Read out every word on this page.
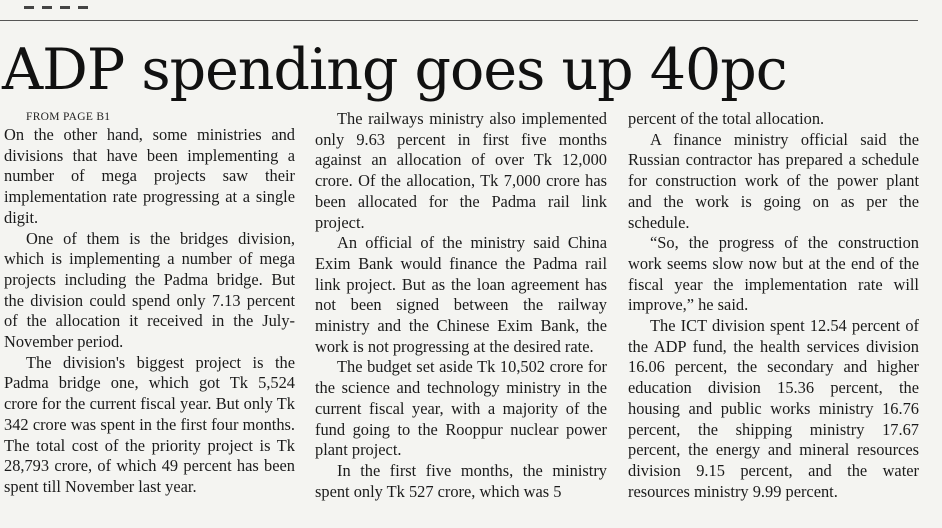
ADP spending goes up 40pc

FROM PAGE B1

On the other hand, some ministries and divisions that have been implementing a number of mega projects saw their implementation rate progressing at a single digit.

One of them is the bridges division, which is implementing a number of mega projects including the Padma bridge. But the division could spend only 7.13 percent of the allocation it received in the July-November period.

The division's biggest project is the Padma bridge one, which got Tk 5,524 crore for the current fiscal year. But only Tk 342 crore was spent in the first four months. The total cost of the priority project is Tk 28,793 crore, of which 49 percent has been spent till November last year.

The railways ministry also implemented only 9.63 percent in first five months against an allocation of over Tk 12,000 crore. Of the allocation, Tk 7,000 crore has been allocated for the Padma rail link project.

An official of the ministry said China Exim Bank would finance the Padma rail link project. But as the loan agreement has not been signed between the railway ministry and the Chinese Exim Bank, the work is not progressing at the desired rate.

The budget set aside Tk 10,502 crore for the science and technology ministry in the current fiscal year, with a majority of the fund going to the Rooppur nuclear power plant project.

In the first five months, the ministry spent only Tk 527 crore, which was 5

percent of the total allocation.

A finance ministry official said the Russian contractor has prepared a schedule for construction work of the power plant and the work is going on as per the schedule.

“So, the progress of the construction work seems slow now but at the end of the fiscal year the implementation rate will improve,” he said.

The ICT division spent 12.54 percent of the ADP fund, the health services division 16.06 percent, the secondary and higher education division 15.36 percent, the housing and public works ministry 16.76 percent, the shipping ministry 17.67 percent, the energy and mineral resources division 9.15 percent, and the water resources ministry 9.99 percent.
